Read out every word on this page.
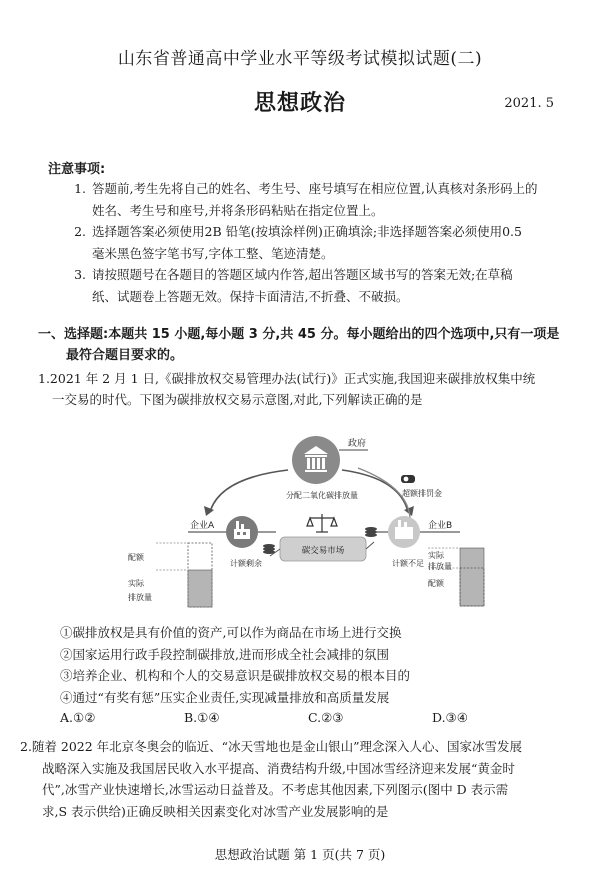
山东省普通高中学业水平等级考试模拟试题(二)
思想政治	2021. 5
注意事项:
1. 答题前,考生先将自己的姓名、考生号、座号填写在相应位置,认真核对条形码上的
姓名、考生号和座号,并将条形码粘贴在指定位置上。
2. 选择题答案必须使用2B 铅笔(按填涂样例)正确填涂;非选择题答案必须使用0.5
毫米黑色签字笔书写,字体工整、笔迹清楚。
3. 请按照题号在各题目的答题区域内作答,超出答题区域书写的答案无效;在草稿
纸、试题卷上答题无效。保持卡面清洁,不折叠、不破损。
一、选择题:本题共 15 小题,每小题 3 分,共 45 分。每小题给出的四个选项中,只有一项是
最符合题目要求的。
1.2021 年 2 月 1 日,《碳排放权交易管理办法(试行)》正式实施,我国迎来碳排放权集中统
一交易的时代。下图为碳排放权交易示意图,对此,下列解读正确的是
政府
分配二氧化碳排放量	超额排罚金
企业A	企业B
碳交易市场
计额剩余	计额不足
配额
实际
排放量
实际
排放量
配额
①碳排放权是具有价值的资产,可以作为商品在市场上进行交换
②国家运用行政手段控制碳排放,进而形成全社会减排的氛围
③培养企业、机构和个人的交易意识是碳排放权交易的根本目的
④通过“有奖有惩”压实企业责任,实现减量排放和高质量发展
A.①②	B.①④	C.②③	D.③④
2.随着 2022 年北京冬奥会的临近、“冰天雪地也是金山银山”理念深入人心、国家冰雪发展
战略深入实施及我国居民收入水平提高、消费结构升级,中国冰雪经济迎来发展“黄金时
代”,冰雪产业快速增长,冰雪运动日益普及。不考虑其他因素,下列图示(图中 D 表示需
求,S 表示供给)正确反映相关因素变化对冰雪产业发展影响的是
思想政治试题 第 1 页(共 7 页)
